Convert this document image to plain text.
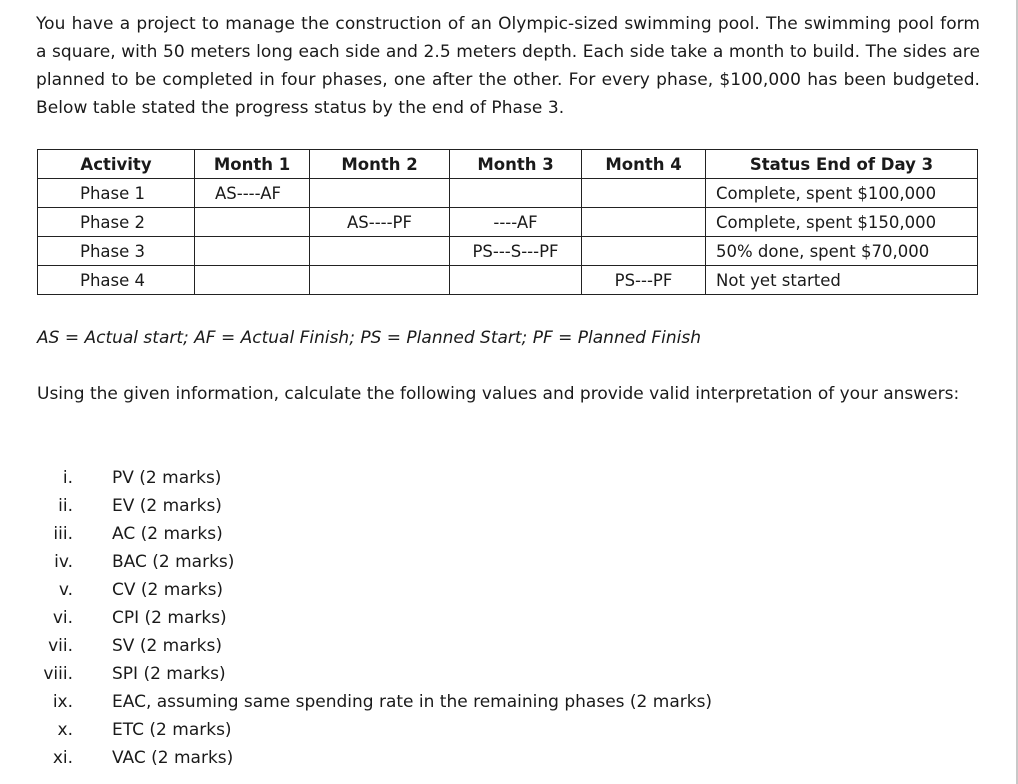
You have a project to manage the construction of an Olympic-sized swimming pool. The swimming pool form a square, with 50 meters long each side and 2.5 meters depth. Each side take a month to build. The sides are planned to be completed in four phases, one after the other. For every phase, $100,000 has been budgeted. Below table stated the progress status by the end of Phase 3.

Activity	Month 1	Month 2	Month 3	Month 4	Status End of Day 3
Phase 1	AS----AF				Complete, spent $100,000
Phase 2		AS----PF	----AF		Complete, spent $150,000
Phase 3			PS---S---PF		50% done, spent $70,000
Phase 4				PS---PF	Not yet started

AS = Actual start; AF = Actual Finish; PS = Planned Start; PF = Planned Finish

Using the given information, calculate the following values and provide valid interpretation of your answers:

i. PV (2 marks)
ii. EV (2 marks)
iii. AC (2 marks)
iv. BAC (2 marks)
v. CV (2 marks)
vi. CPI (2 marks)
vii. SV (2 marks)
viii. SPI (2 marks)
ix. EAC, assuming same spending rate in the remaining phases (2 marks)
x. ETC (2 marks)
xi. VAC (2 marks)
